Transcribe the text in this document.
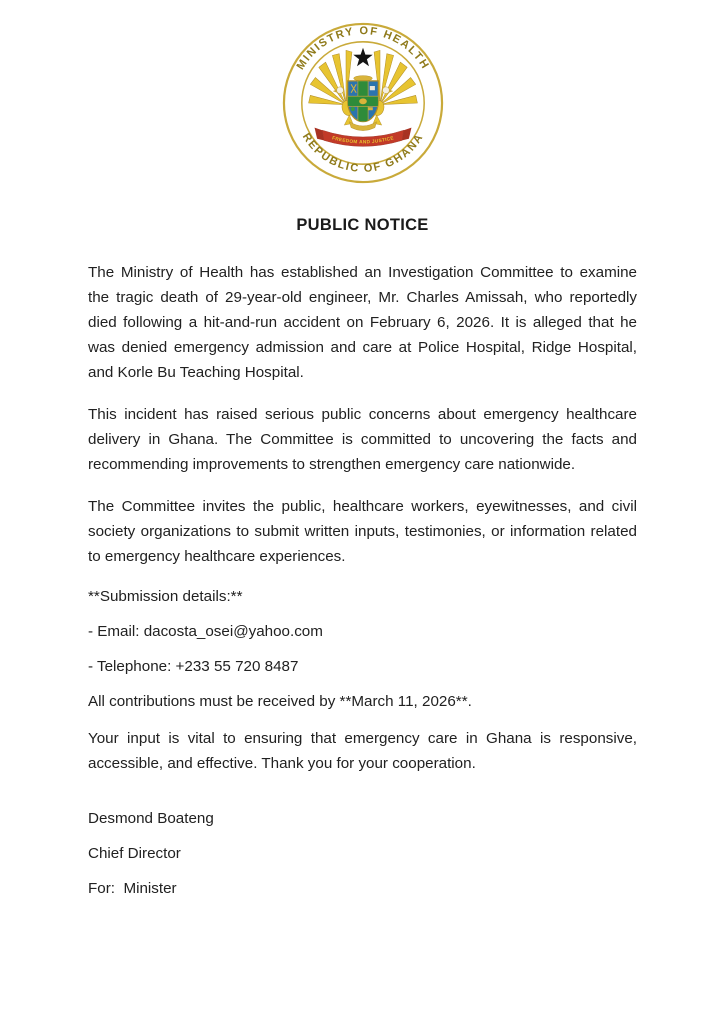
MINISTRY OF HEALTH
REPUBLIC OF GHANA
FREEDOM AND JUSTICE
PUBLIC NOTICE

The Ministry of Health has established an Investigation Committee to examine the tragic death of 29-year-old engineer, Mr. Charles Amissah, who reportedly died following a hit-and-run accident on February 6, 2026. It is alleged that he was denied emergency admission and care at Police Hospital, Ridge Hospital, and Korle Bu Teaching Hospital.

This incident has raised serious public concerns about emergency healthcare delivery in Ghana. The Committee is committed to uncovering the facts and recommending improvements to strengthen emergency care nationwide.

The Committee invites the public, healthcare workers, eyewitnesses, and civil society organizations to submit written inputs, testimonies, or information related to emergency healthcare experiences.

**Submission details:**

- Email: dacosta_osei@yahoo.com

- Telephone: +233 55 720 8487

All contributions must be received by **March 11, 2026**.

Your input is vital to ensuring that emergency care in Ghana is responsive, accessible, and effective. Thank you for your cooperation.

Desmond Boateng

Chief Director

For:  Minister
